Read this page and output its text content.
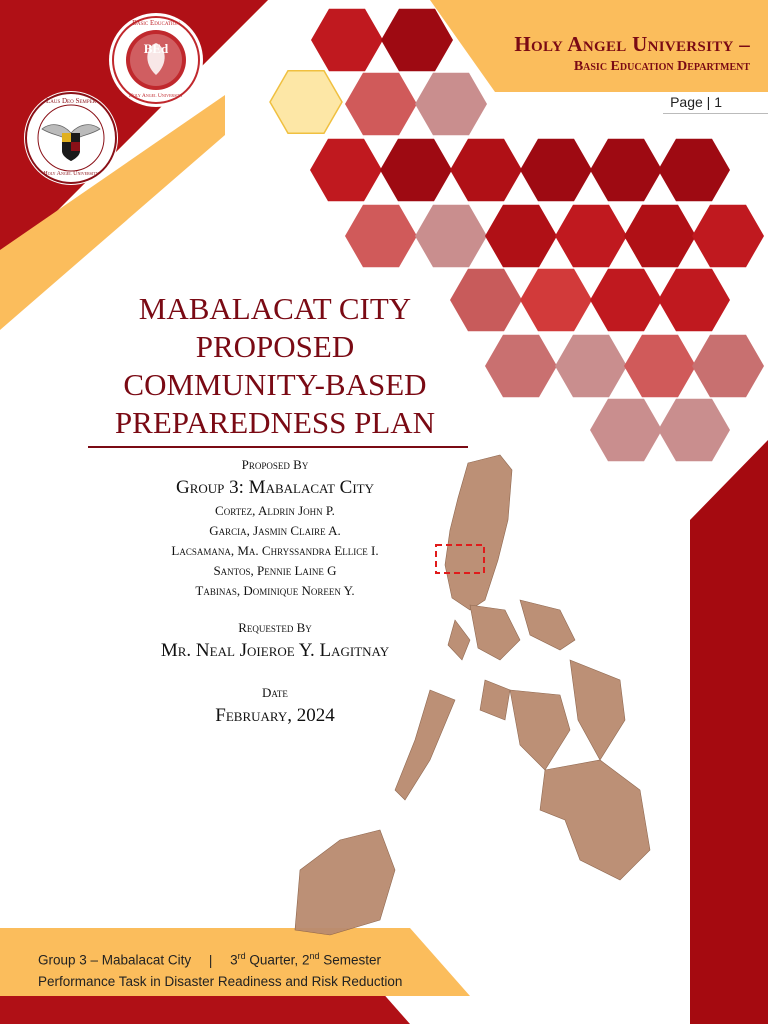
BEd
Basic Education
Holy Angel University
Laus Deo Semper
Holy Angel University
Holy Angel University –
Basic Education Department
Page | 1
MABALACAT CITY
PROPOSED
COMMUNITY-BASED
PREPAREDNESS PLAN
Proposed By
Group 3: Mabalacat City
Cortez, Aldrin John P.
Garcia, Jasmin Claire A.
Lacsamana, Ma. Chryssandra Ellice I.
Santos, Pennie Laine G
Tabinas, Dominique Noreen Y.
Requested By
Mr. Neal Joieroe Y. Lagitnay
Date
February, 2024
Group 3 – Mabalacat City | 3rd Quarter, 2nd Semester
Performance Task in Disaster Readiness and Risk Reduction
